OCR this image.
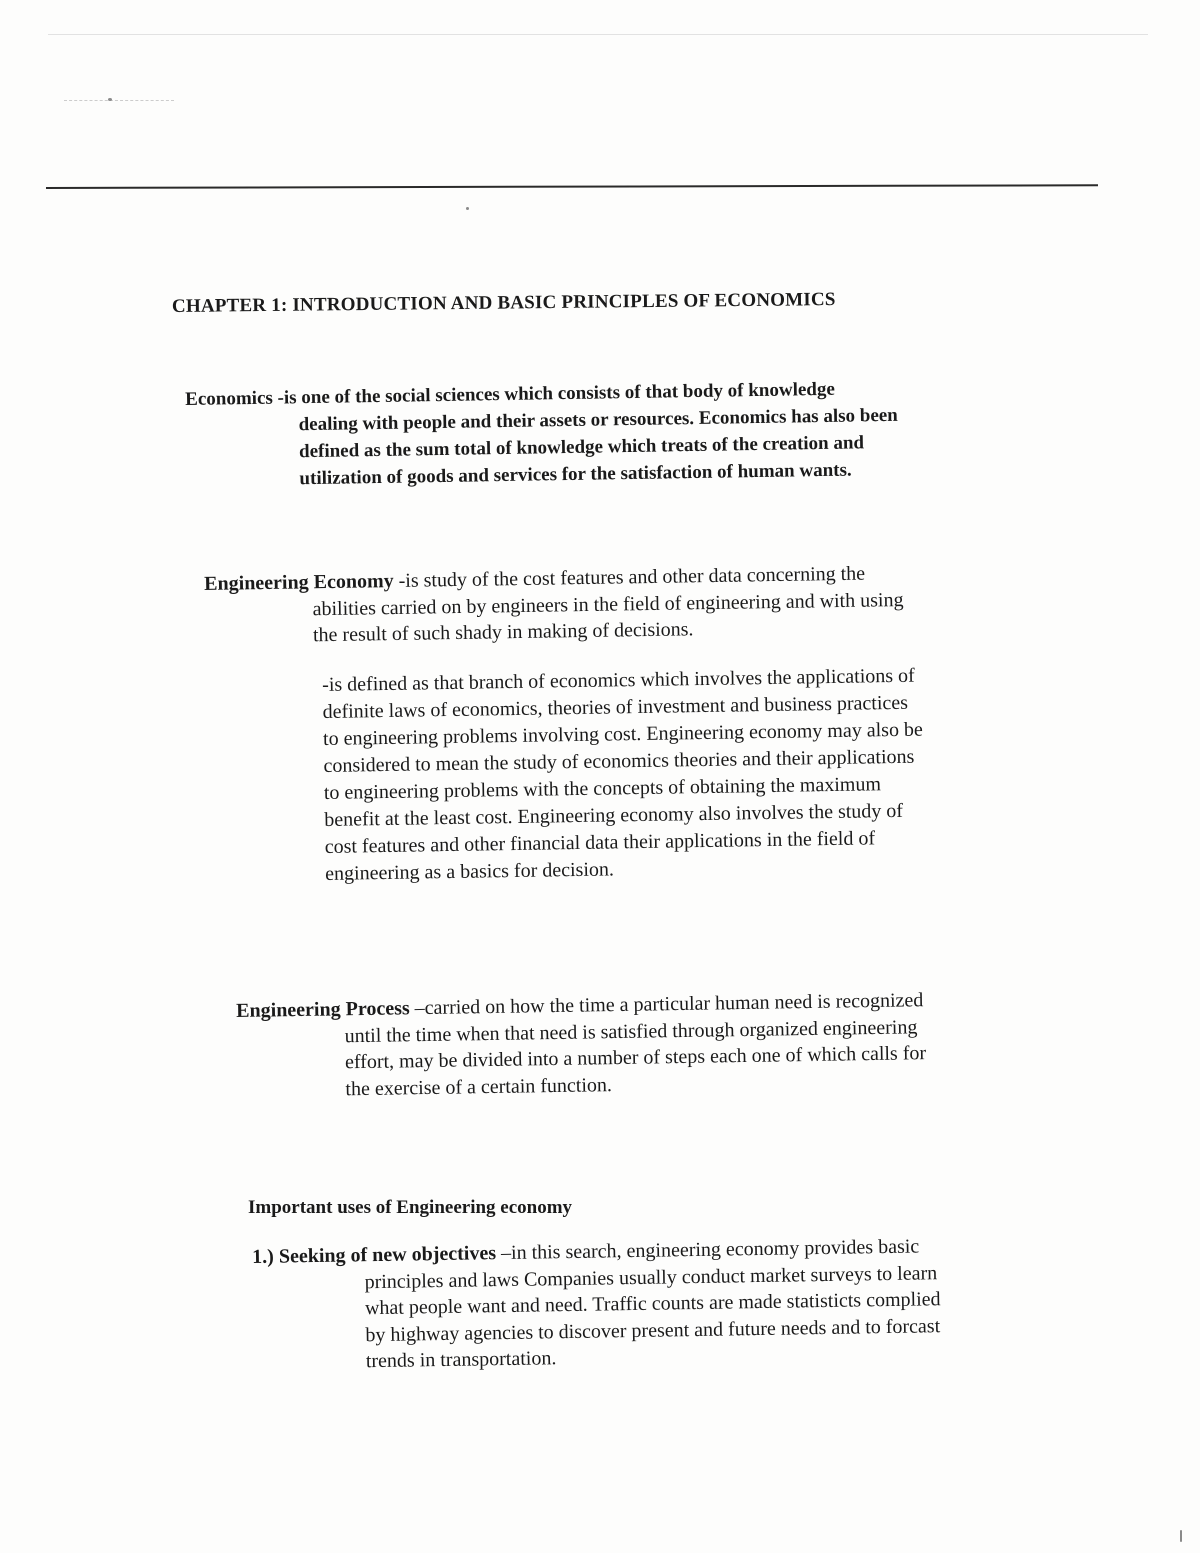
CHAPTER 1: INTRODUCTION AND BASIC PRINCIPLES OF ECONOMICS
Economics -is one of the social sciences which consists of that body of knowledge
dealing with people and their assets or resources. Economics has also been
defined as the sum total of knowledge which treats of the creation and
utilization of goods and services for the satisfaction of human wants.
Engineering Economy -is study of the cost features and other data concerning the
abilities carried on by engineers in the field of engineering and with using
the result of such shady in making of decisions.
-is defined as that branch of economics which involves the applications of
definite laws of economics, theories of investment and business practices
to engineering problems involving cost. Engineering economy may also be
considered to mean the study of economics theories and their applications
to engineering problems with the concepts of obtaining the maximum
benefit at the least cost. Engineering economy also involves the study of
cost features and other financial data their applications in the field of
engineering as a basics for decision.
Engineering Process –carried on how the time a particular human need is recognized
until the time when that need is satisfied through organized engineering
effort, may be divided into a number of steps each one of which calls for
the exercise of a certain function.
Important uses of Engineering economy
1.) Seeking of new objectives –in this search, engineering economy provides basic
principles and laws Companies usually conduct market surveys to learn
what people want and need. Traffic counts are made statisticts complied
by highway agencies to discover present and future needs and to forcast
trends in transportation.
